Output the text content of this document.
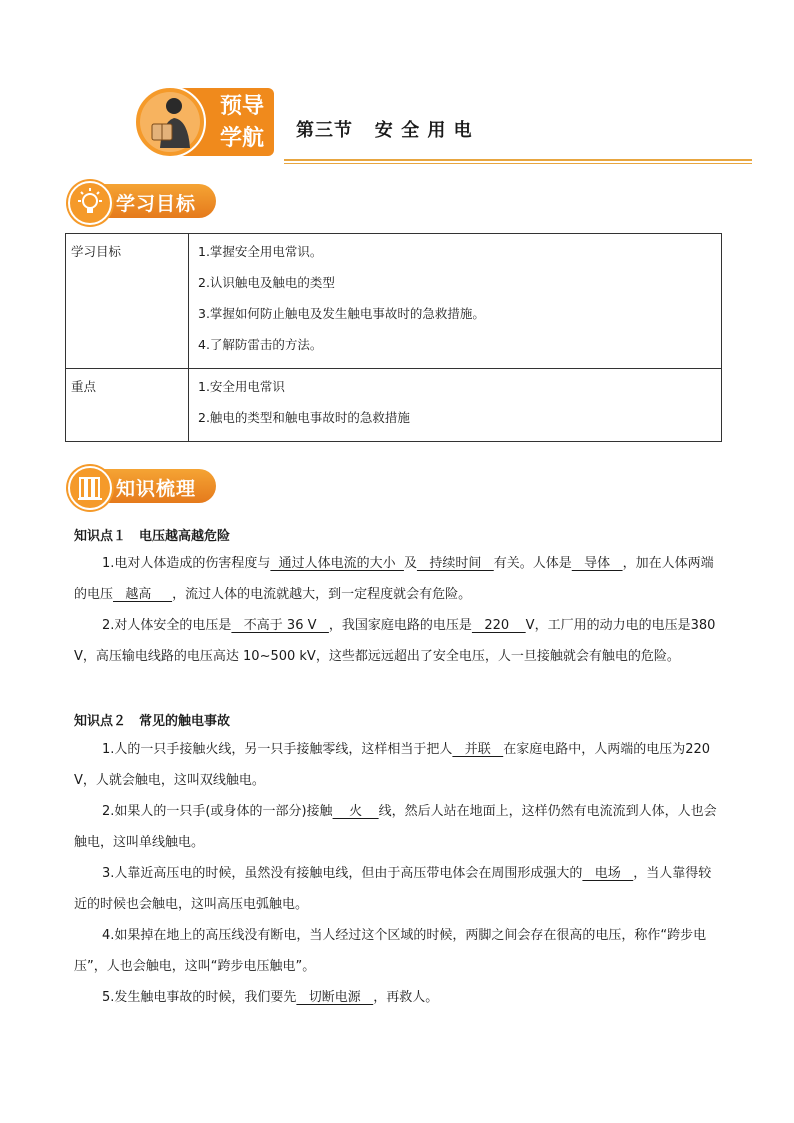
预导
学航	第三节   安 全 用 电
学习目标
学习目标	1.掌握安全用电常识。
2.认识触电及触电的类型
3.掌握如何防止触电及发生触电事故时的急救措施。
4.了解防雷击的方法。

重点	1.安全用电常识
2.触电的类型和触电事故时的急救措施
知识梳理
知识点１　电压越高越危险
1.电对人体造成的伤害程度与  通过人体电流的大小  及   持续时间   有关。人体是   导体   ，加在人体两端的电压   越高     ，流过人体的电流就越大，到一定程度就会有危险。
2.对人体安全的电压是   不高于 36 V   ，我国家庭电路的电压是   220    V，工厂用的动力电的电压是380 V，高压输电线路的电压高达 10~500 kV，这些都远远超出了安全电压，人一旦接触就会有触电的危险。
知识点２　常见的触电事故
1.人的一只手接触火线，另一只手接触零线，这样相当于把人   并联   在家庭电路中，人两端的电压为220 V，人就会触电，这叫双线触电。
2.如果人的一只手(或身体的一部分)接触    火    线，然后人站在地面上，这样仍然有电流流到人体，人也会触电，这叫单线触电。
3.人靠近高压电的时候，虽然没有接触电线，但由于高压带电体会在周围形成强大的   电场   ，当人靠得较近的时候也会触电，这叫高压电弧触电。
4.如果掉在地上的高压线没有断电，当人经过这个区域的时候，两脚之间会存在很高的电压，称作“跨步电压”，人也会触电，这叫“跨步电压触电”。
5.发生触电事故的时候，我们要先   切断电源   ，再救人。
